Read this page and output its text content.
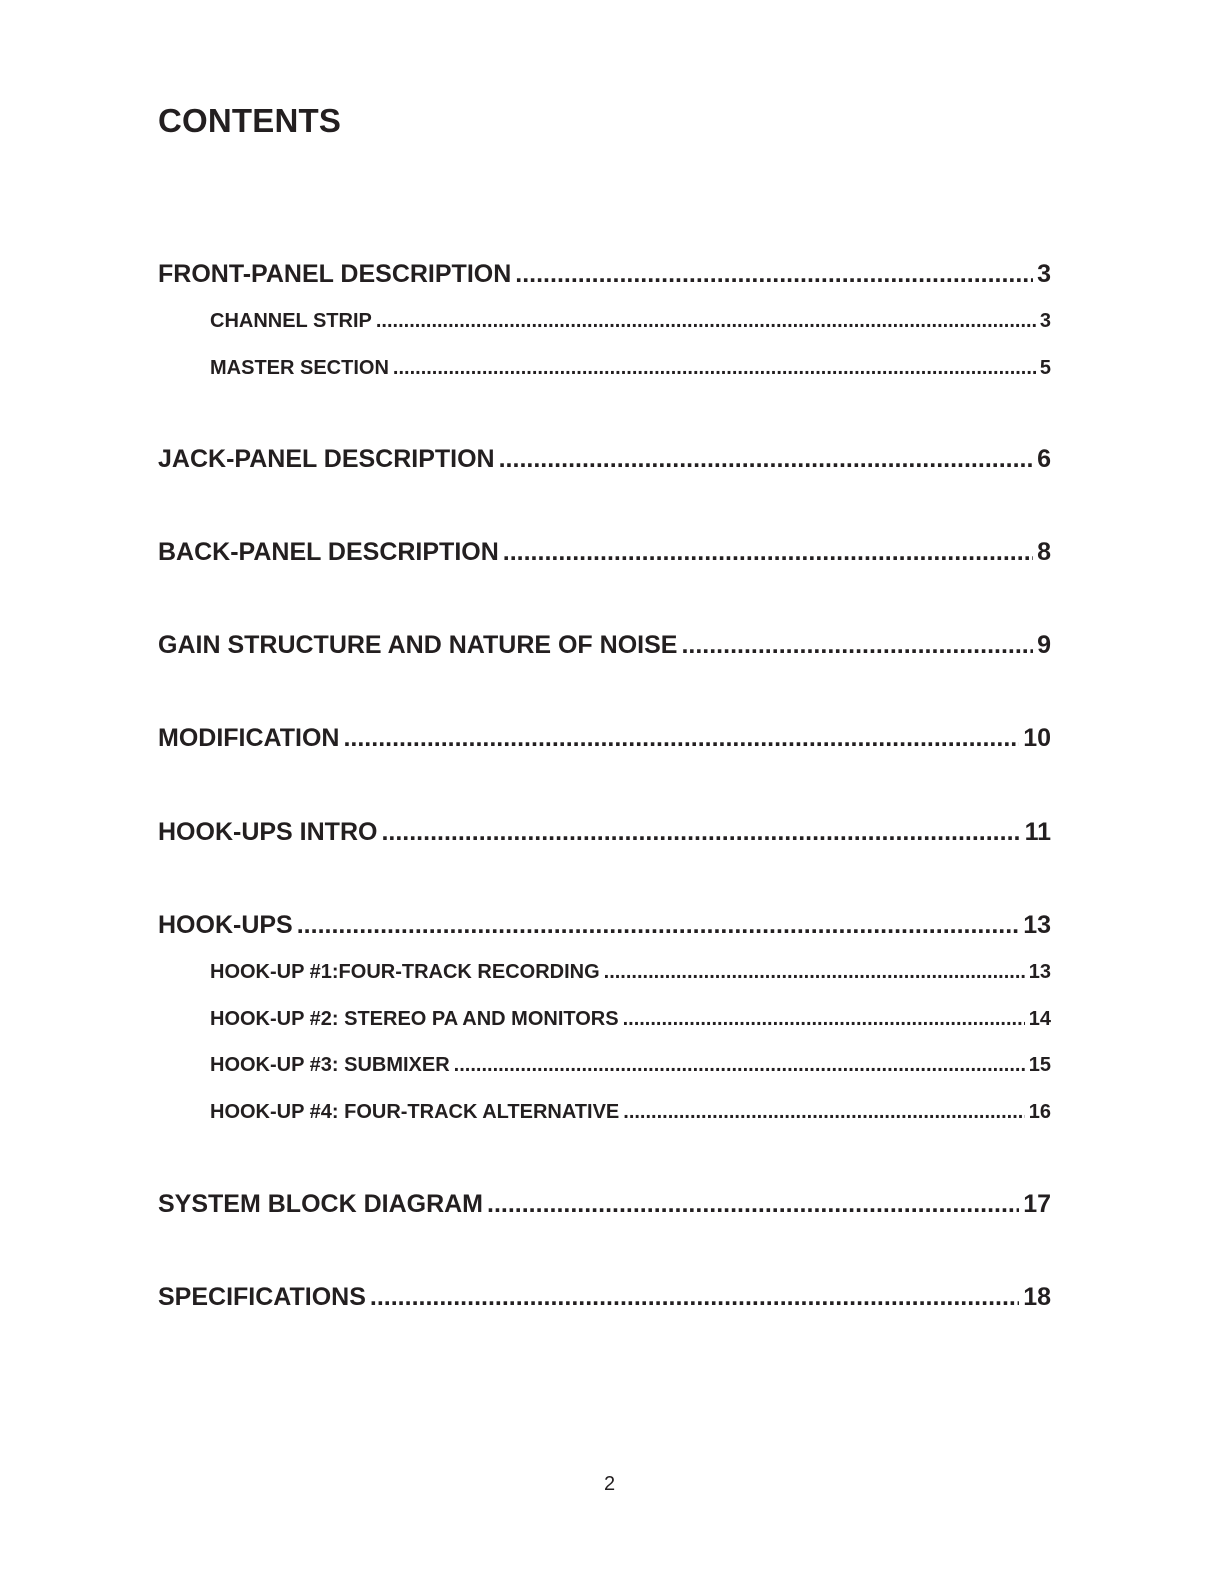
CONTENTS
FRONT-PANEL DESCRIPTION .....	3
CHANNEL STRIP .....	3
MASTER SECTION .....	5
JACK-PANEL DESCRIPTION .....	6
BACK-PANEL DESCRIPTION .....	8
GAIN STRUCTURE AND NATURE OF NOISE .....	9
MODIFICATION .....	10
HOOK-UPS INTRO .....	11
HOOK-UPS .....	13
HOOK-UP #1:FOUR-TRACK RECORDING .....	13
HOOK-UP #2: STEREO PA AND MONITORS .....	14
HOOK-UP #3: SUBMIXER .....	15
HOOK-UP #4: FOUR-TRACK ALTERNATIVE .....	16
SYSTEM BLOCK DIAGRAM .....	17
SPECIFICATIONS .....	18
2
